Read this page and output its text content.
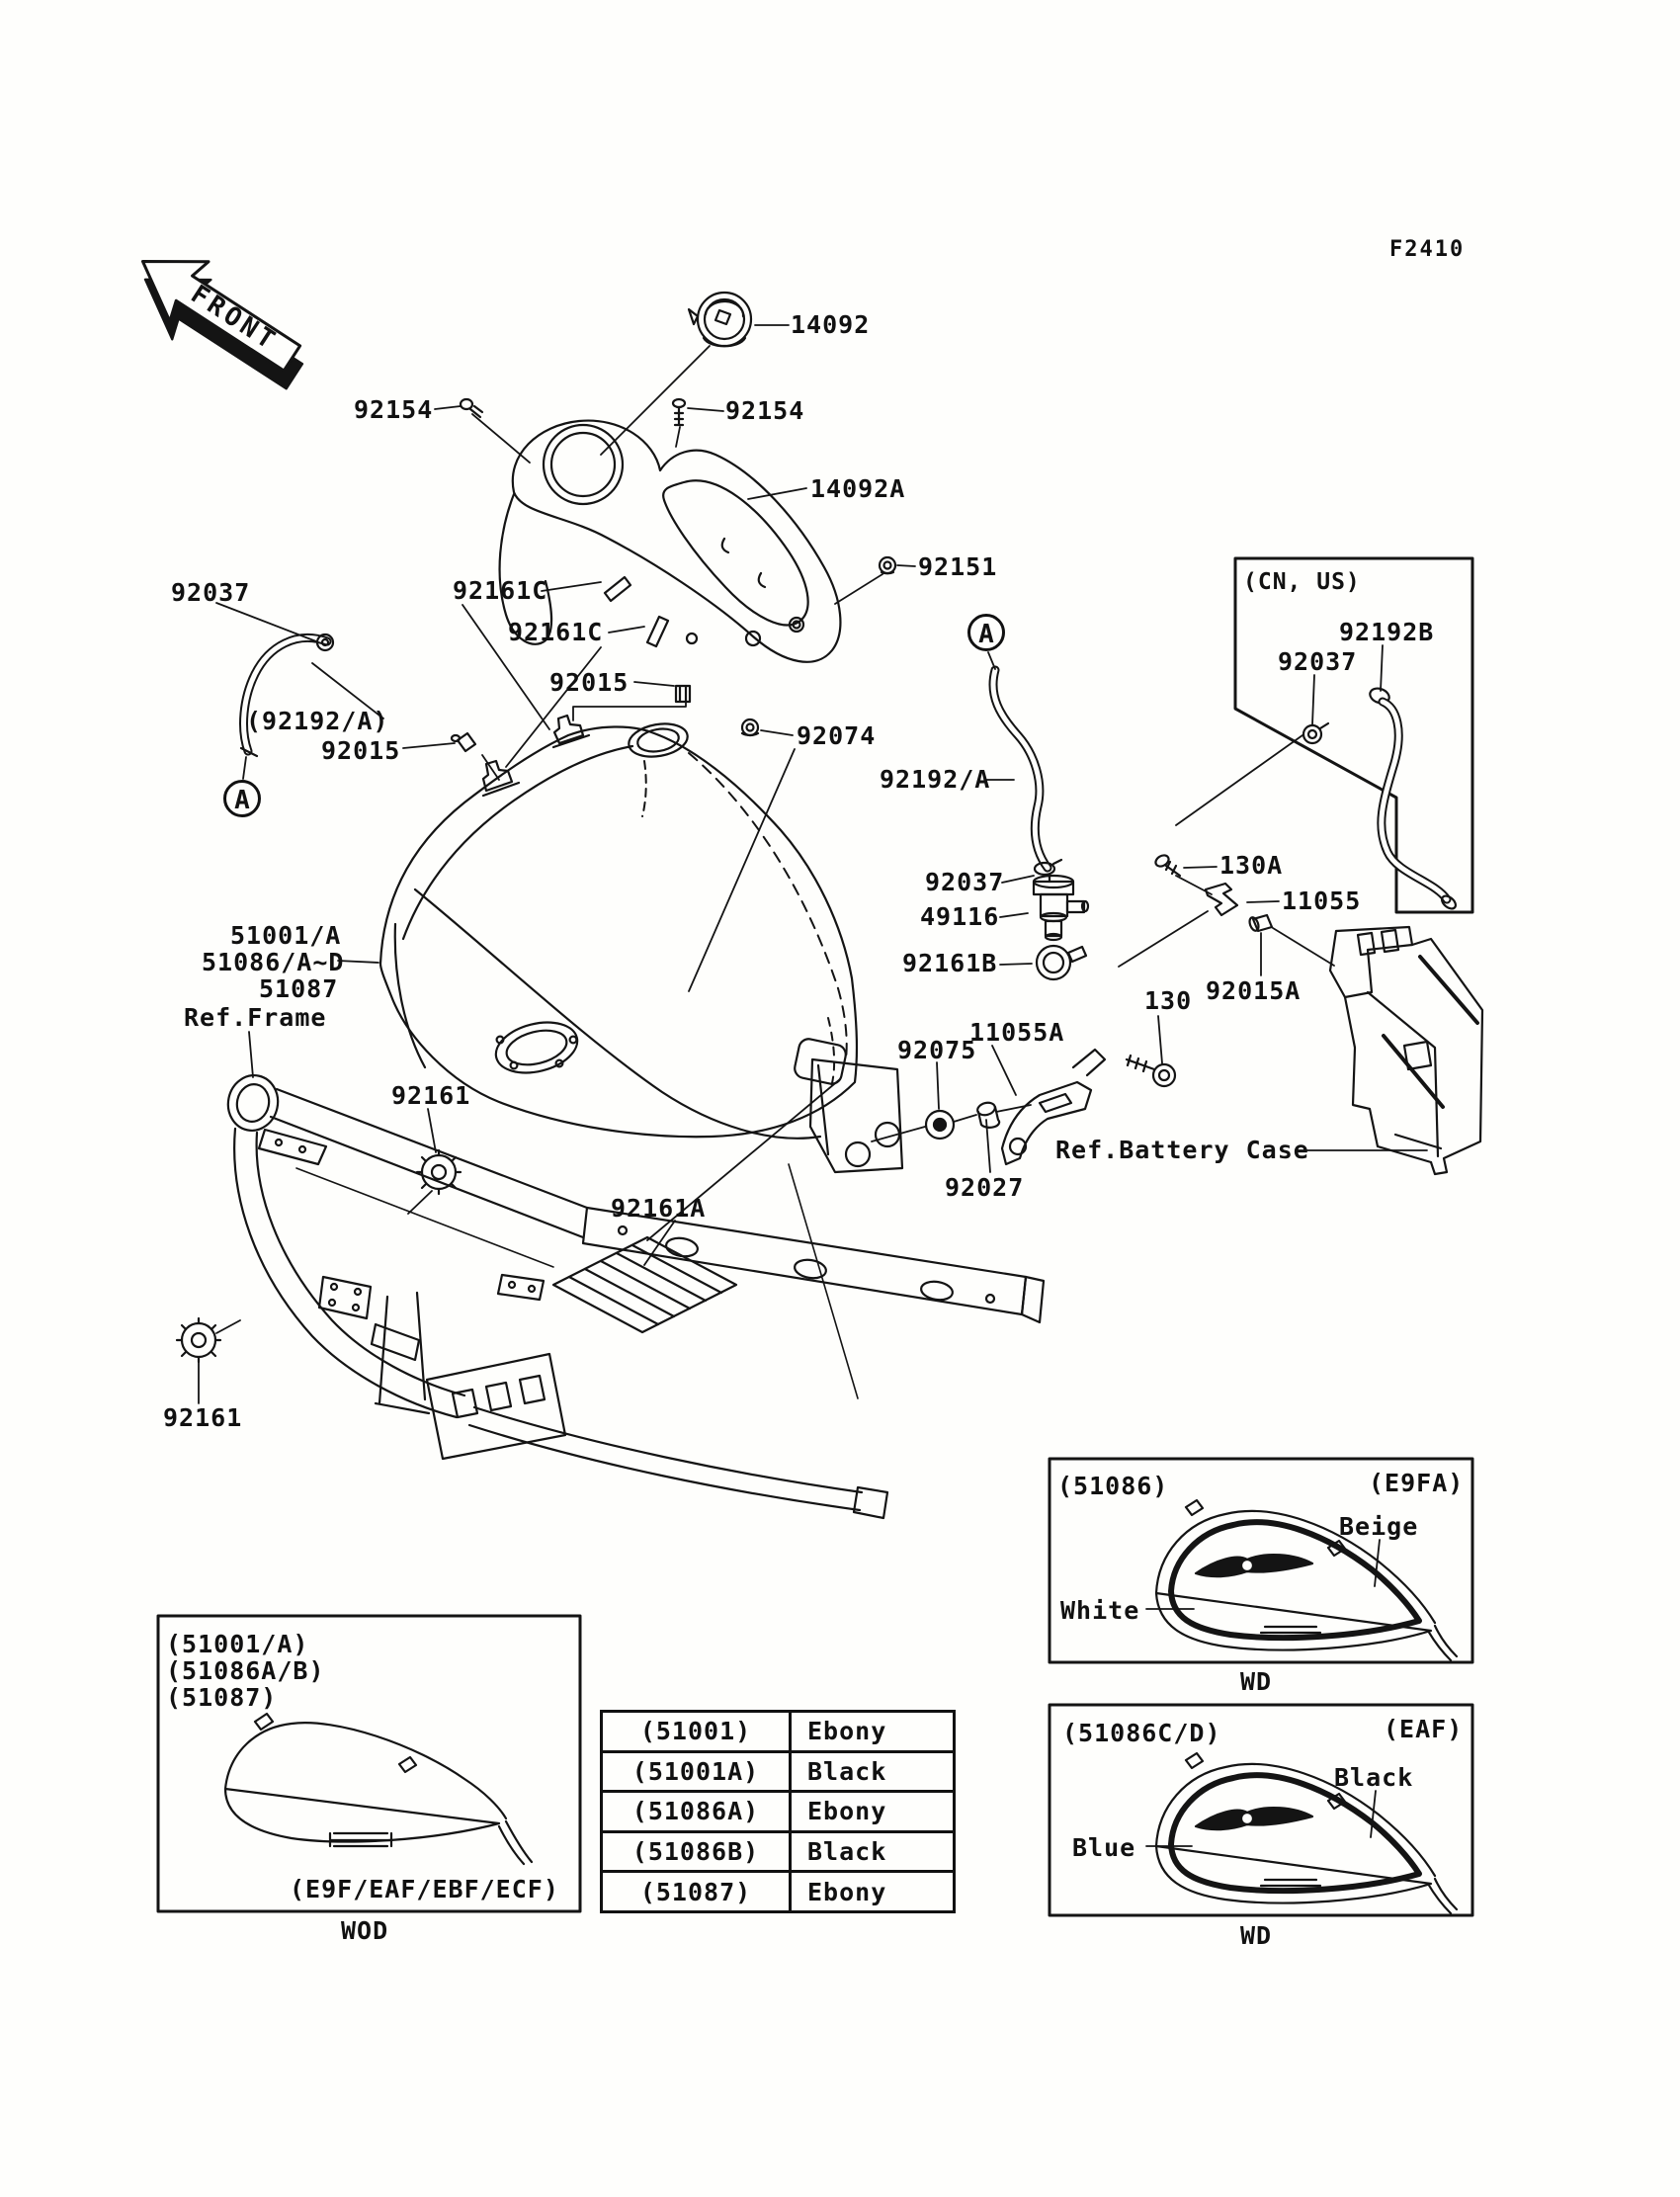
FRONT
F2410
A
A
14092
92154	92154
14092A
92151
92037	92161C
92161C
92015
(92192/A)
92015
92074
92192/A
92037
49116
92161B
(CN, US)
92192B
92037
130A
11055
92015A
130
51001/A
51086/A~D
51087
Ref.Frame
92161
92161A
92161
92075
11055A
92027
Ref.Battery Case
(51001/A)
(51086A/B)
(51087)
(E9F/EAF/EBF/ECF)
WOD
(51086)	(E9FA)
Beige
White
WD
(51086C/D)	(EAF)
Black
Blue
WD
(51001)	Ebony
(51001A)	Black
(51086A)	Ebony
(51086B)	Black
(51087)	Ebony
